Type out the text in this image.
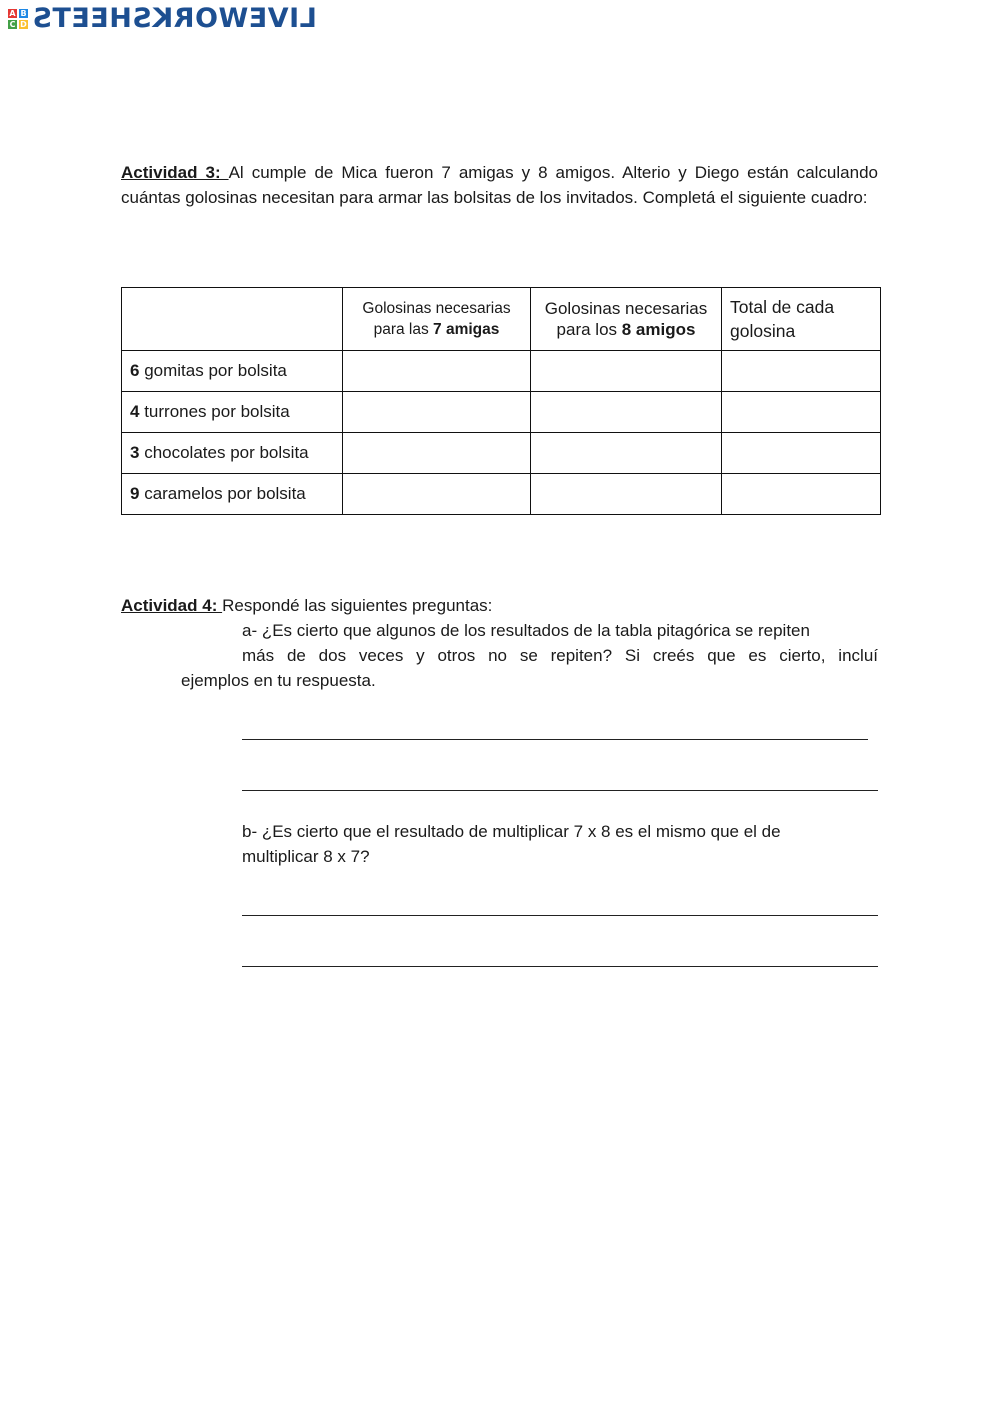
A B
C D LIVEWORKSHEETS
Actividad 3: Al cumple de Mica fueron 7 amigas y 8 amigos. Alterio y Diego están calculando cuántas golosinas necesitan para armar las bolsitas de los invitados. Completá el siguiente cuadro:
	Golosinas necesarias para las 7 amigas	Golosinas necesarias para los 8 amigos	Total de cada golosina
6 gomitas por bolsita			
4 turrones por bolsita			
3 chocolates por bolsita			
9 caramelos por bolsita			
Actividad 4: Respondé las siguientes preguntas:
a- ¿Es cierto que algunos de los resultados de la tabla pitagórica se repiten
más de dos veces y otros no se repiten? Si creés que es cierto, incluí
ejemplos en tu respuesta.
b- ¿Es cierto que el resultado de multiplicar 7 x 8 es el mismo que el de
multiplicar 8 x 7?
